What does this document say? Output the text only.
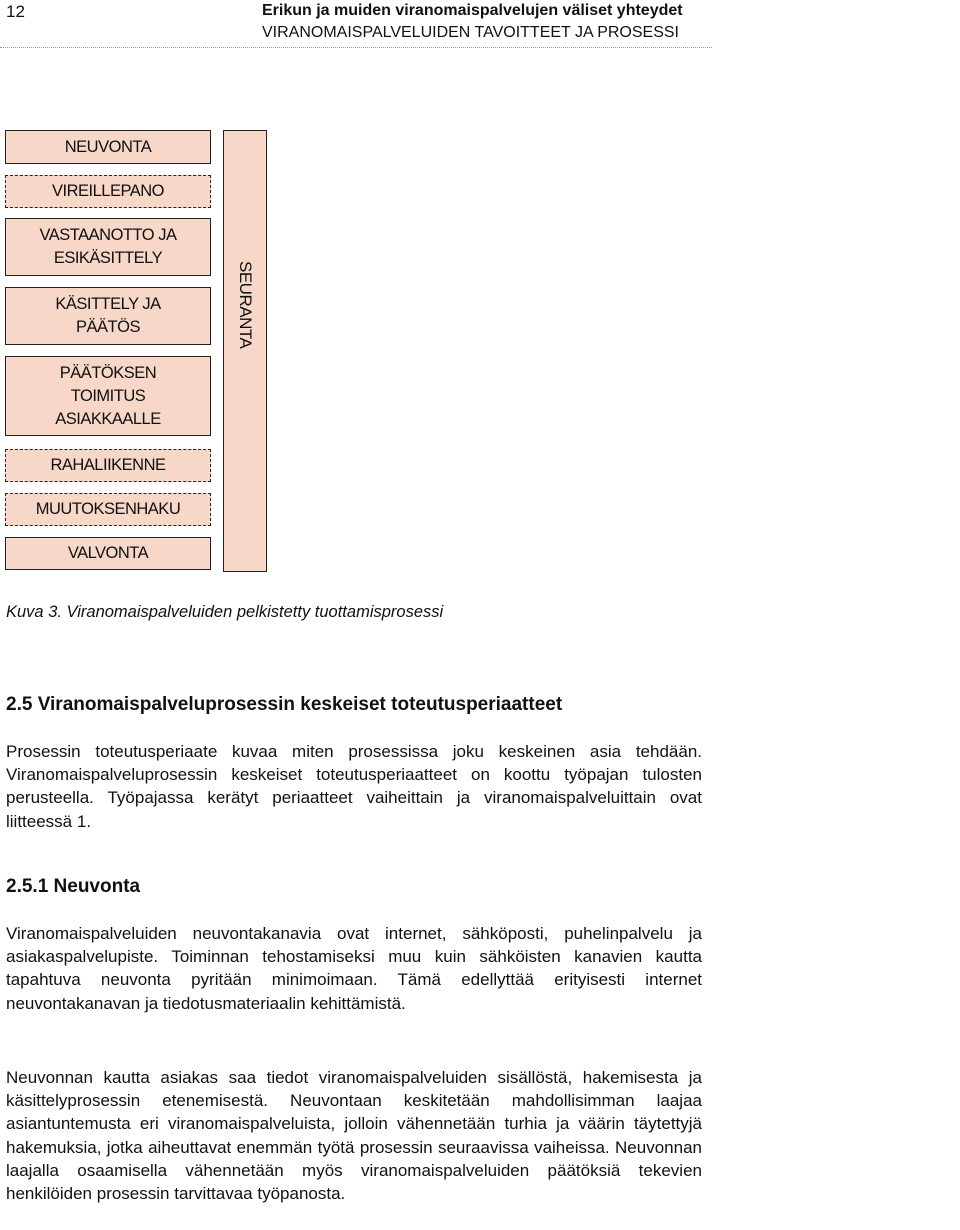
12	Erikun ja muiden viranomaispalvelujen väliset yhteydet
VIRANOMAISPALVELUIDEN TAVOITTEET JA PROSESSI
NEUVONTA
VIREILLEPANO
VASTAANOTTO JA
ESIKÄSITTELY
KÄSITTELY JA
PÄÄTÖS
PÄÄTÖKSEN
TOIMITUS
ASIAKKAALLE
RAHALIIKENNE
MUUTOKSENHAKU
VALVONTA
SEURANTA
Kuva 3. Viranomaispalveluiden pelkistetty tuottamisprosessi
2.5 Viranomaispalveluprosessin keskeiset toteutusperiaatteet

Prosessin toteutusperiaate kuvaa miten prosessissa joku keskeinen asia tehdään. Viranomaispalveluprosessin keskeiset toteutusperiaatteet on koottu työpajan tulosten perusteella. Työpajassa kerätyt periaatteet vaiheittain ja viranomaispalveluittain ovat liitteessä 1.

2.5.1 Neuvonta

Viranomaispalveluiden neuvontakanavia ovat internet, sähköposti, puhelinpalvelu ja asiakaspalvelupiste. Toiminnan tehostamiseksi muu kuin sähköisten kanavien kautta tapahtuva neuvonta pyritään minimoimaan. Tämä edellyttää erityisesti internet neuvontakanavan ja tiedotusmateriaalin kehittämistä.

Neuvonnan kautta asiakas saa tiedot viranomaispalveluiden sisällöstä, hakemisesta ja käsittelyprosessin etenemisestä. Neuvontaan keskitetään mahdollisimman laajaa asiantuntemusta eri viranomaispalveluista, jolloin vähennetään turhia ja väärin täytettyjä hakemuksia, jotka aiheuttavat enemmän työtä prosessin seuraavissa vaiheissa. Neuvonnan laajalla osaamisella vähennetään myös viranomaispalveluiden päätöksiä tekevien henkilöiden prosessin tarvittavaa työpanosta.
